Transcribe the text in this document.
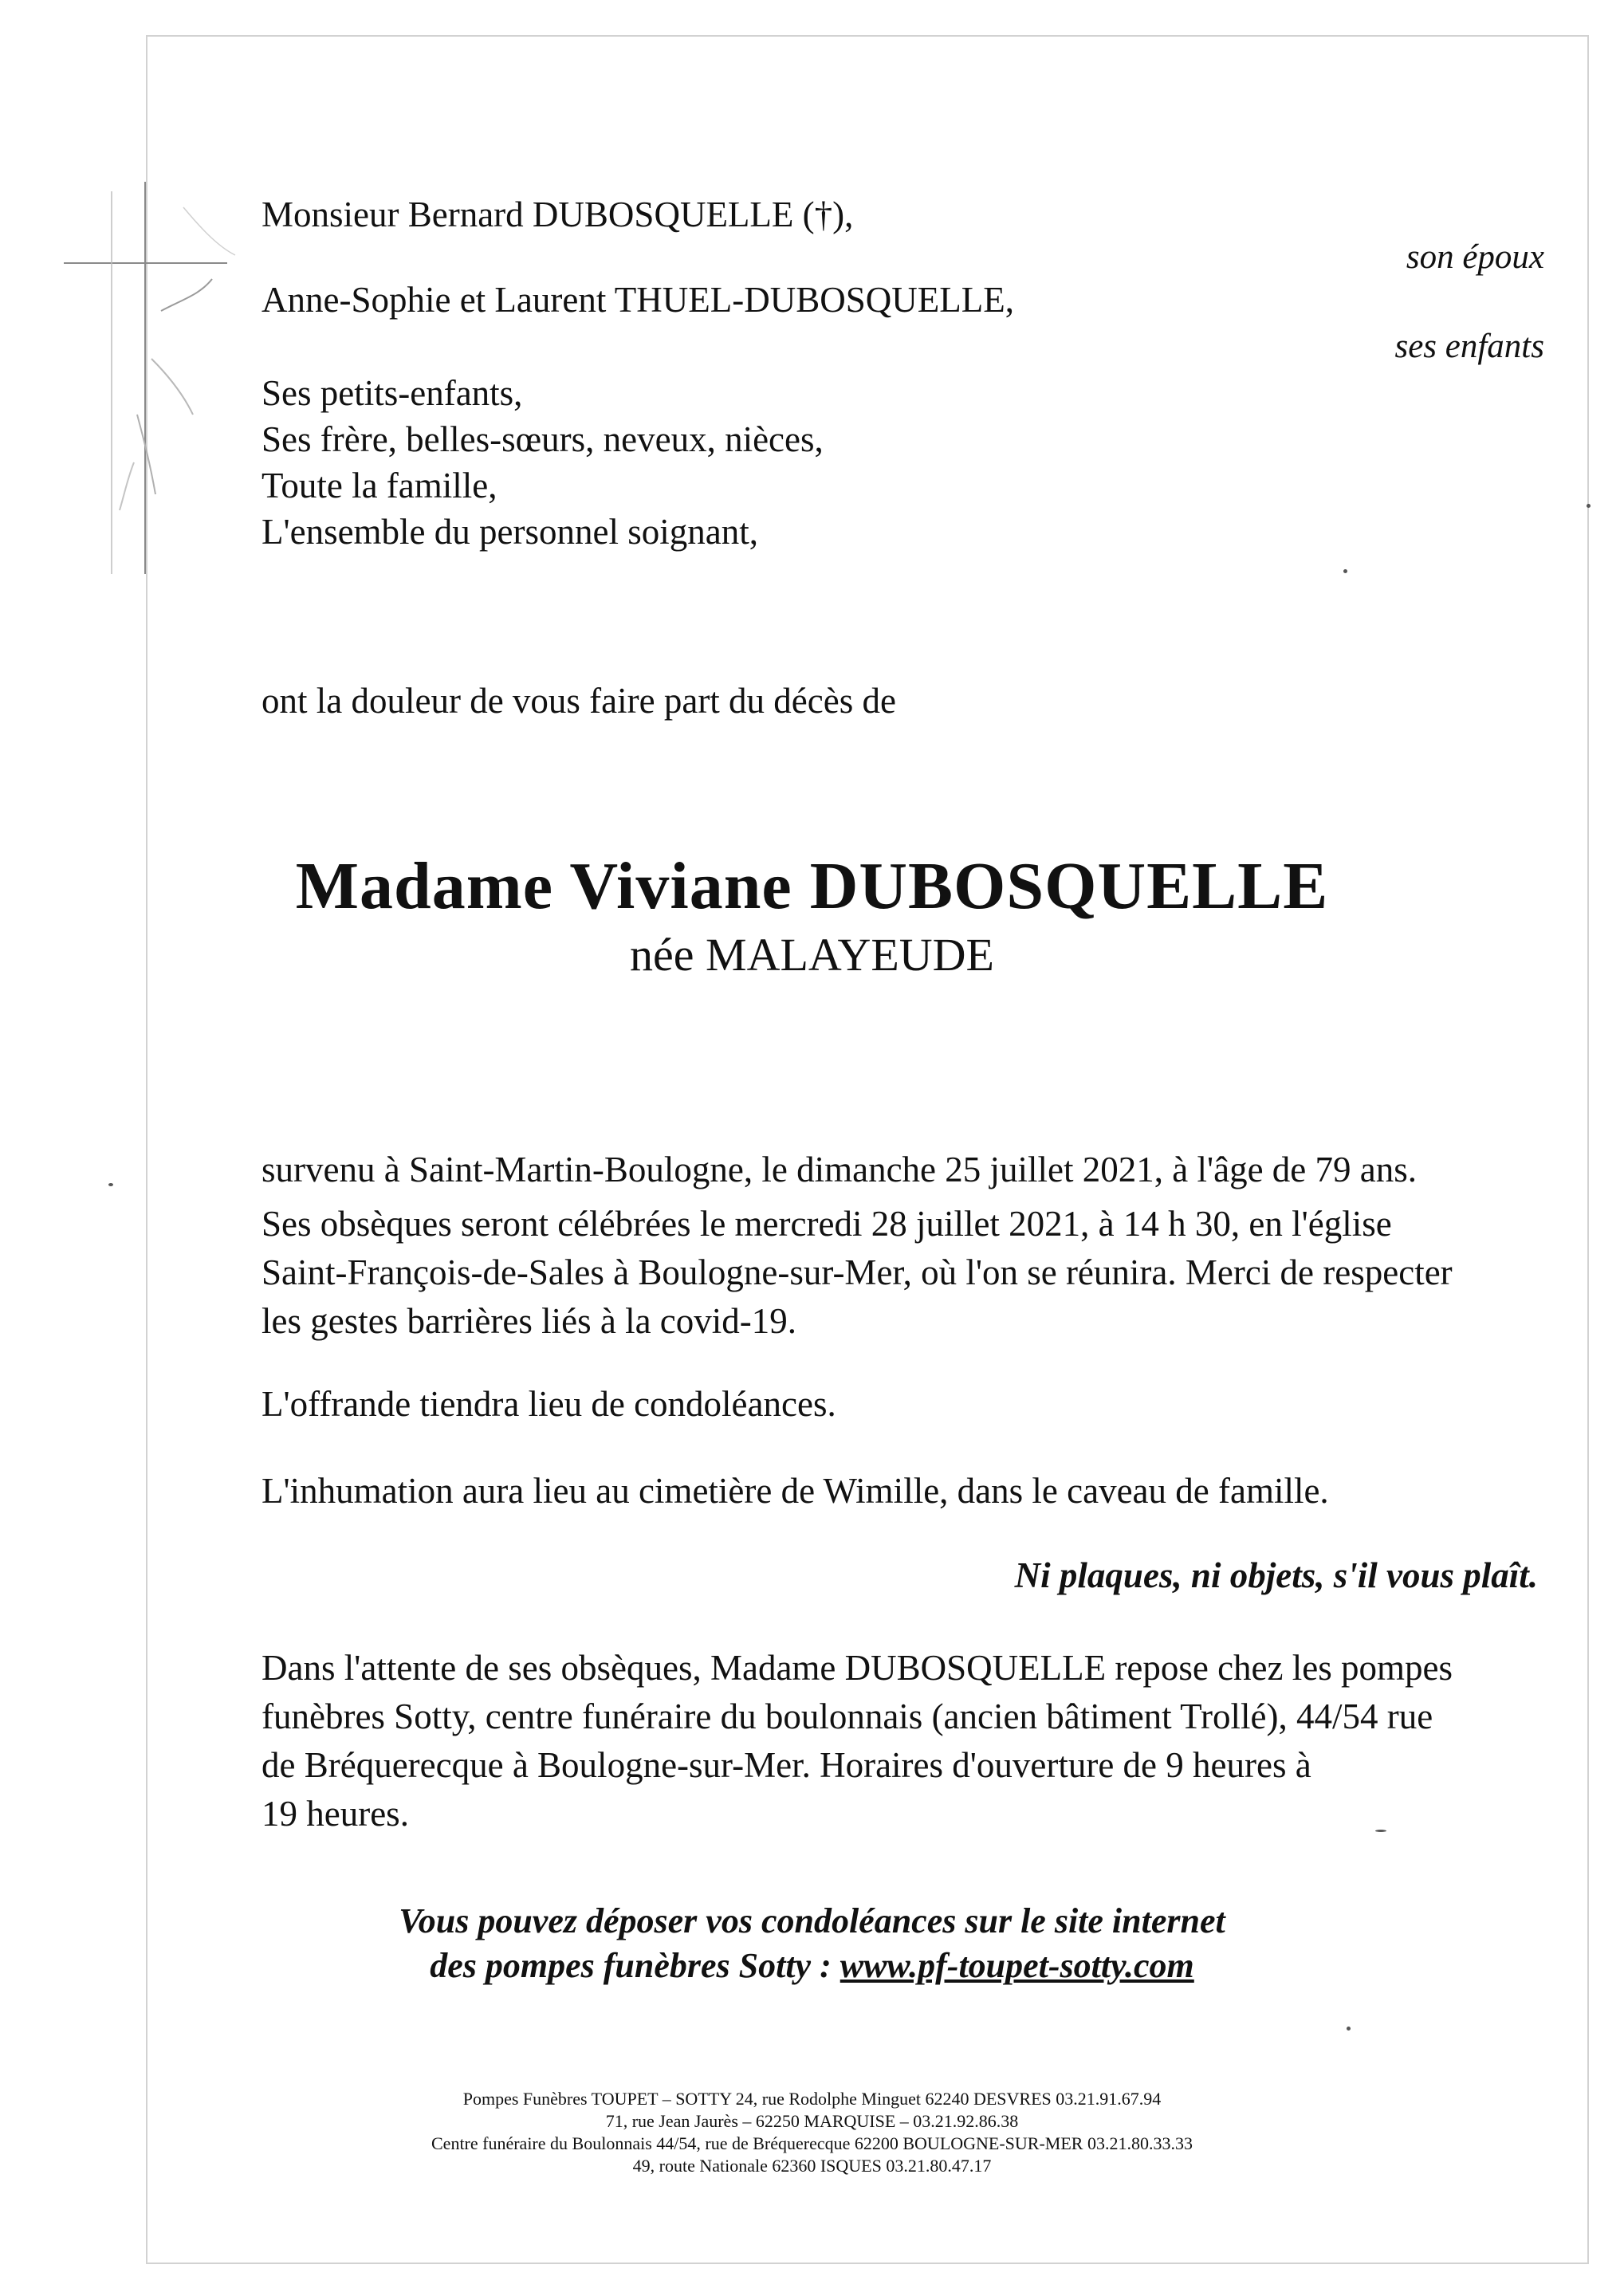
Monsieur Bernard DUBOSQUELLE (†),

son époux

Anne-Sophie et Laurent THUEL-DUBOSQUELLE,

ses enfants

Ses petits-enfants,

Ses frère, belles-sœurs, neveux, nièces,

Toute la famille,

L'ensemble du personnel soignant,

ont la douleur de vous faire part du décès de

Madame Viviane DUBOSQUELLE

née MALAYEUDE

survenu à Saint-Martin-Boulogne, le dimanche 25 juillet 2021, à l'âge de 79 ans.

Ses obsèques seront célébrées le mercredi 28 juillet 2021, à 14 h 30, en l'église
Saint-François-de-Sales à Boulogne-sur-Mer, où l'on se réunira. Merci de respecter
les gestes barrières liés à la covid-19.

L'offrande tiendra lieu de condoléances.

L'inhumation aura lieu au cimetière de Wimille, dans le caveau de famille.

Ni plaques, ni objets, s'il vous plaît.

Dans l'attente de ses obsèques, Madame DUBOSQUELLE repose chez les pompes
funèbres Sotty, centre funéraire du boulonnais (ancien bâtiment Trollé), 44/54 rue
de Bréquerecque à Boulogne-sur-Mer. Horaires d'ouverture de 9 heures à
19 heures.

Vous pouvez déposer vos condoléances sur le site internet

des pompes funèbres Sotty : www.pf-toupet-sotty.com

Pompes Funèbres TOUPET – SOTTY 24, rue Rodolphe Minguet 62240 DESVRES 03.21.91.67.94
71, rue Jean Jaurès – 62250 MARQUISE – 03.21.92.86.38
Centre funéraire du Boulonnais 44/54, rue de Bréquerecque 62200 BOULOGNE-SUR-MER 03.21.80.33.33
49, route Nationale 62360 ISQUES 03.21.80.47.17
